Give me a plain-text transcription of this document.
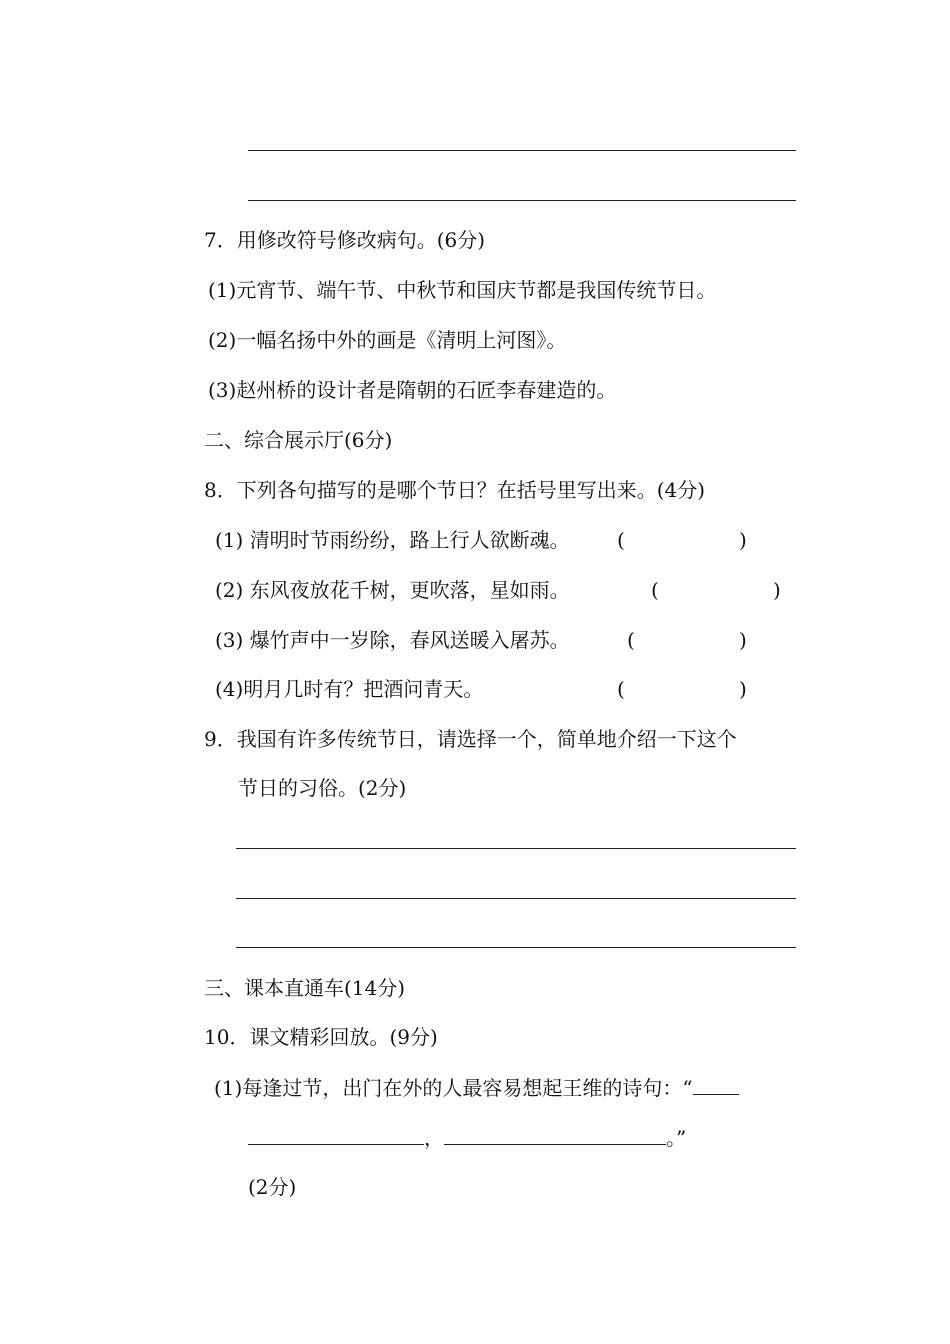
7．用修改符号修改病句。(6分)
(1)元宵节、端午节、中秋节和国庆节都是我国传统节日。
(2)一幅名扬中外的画是《清明上河图》。
(3)赵州桥的设计者是隋朝的石匠李春建造的。
二、综合展示厅(6分)
8．下列各句描写的是哪个节日？在括号里写出来。(4分)
(1) 清明时节雨纷纷，路上行人欲断魂。 (	)
(2) 东风夜放花千树，更吹落，星如雨。	(	)
(3) 爆竹声中一岁除，春风送暖入屠苏。	(	)
(4)明月几时有？把酒问青天。	(	)
9．我国有许多传统节日，请选择一个，简单地介绍一下这个
节日的习俗。(2分)
三、课本直通车(14分)
10．课文精彩回放。(9分)
(1)每逢过节，出门在外的人最容易想起王维的诗句：“
，	。”
(2分)
